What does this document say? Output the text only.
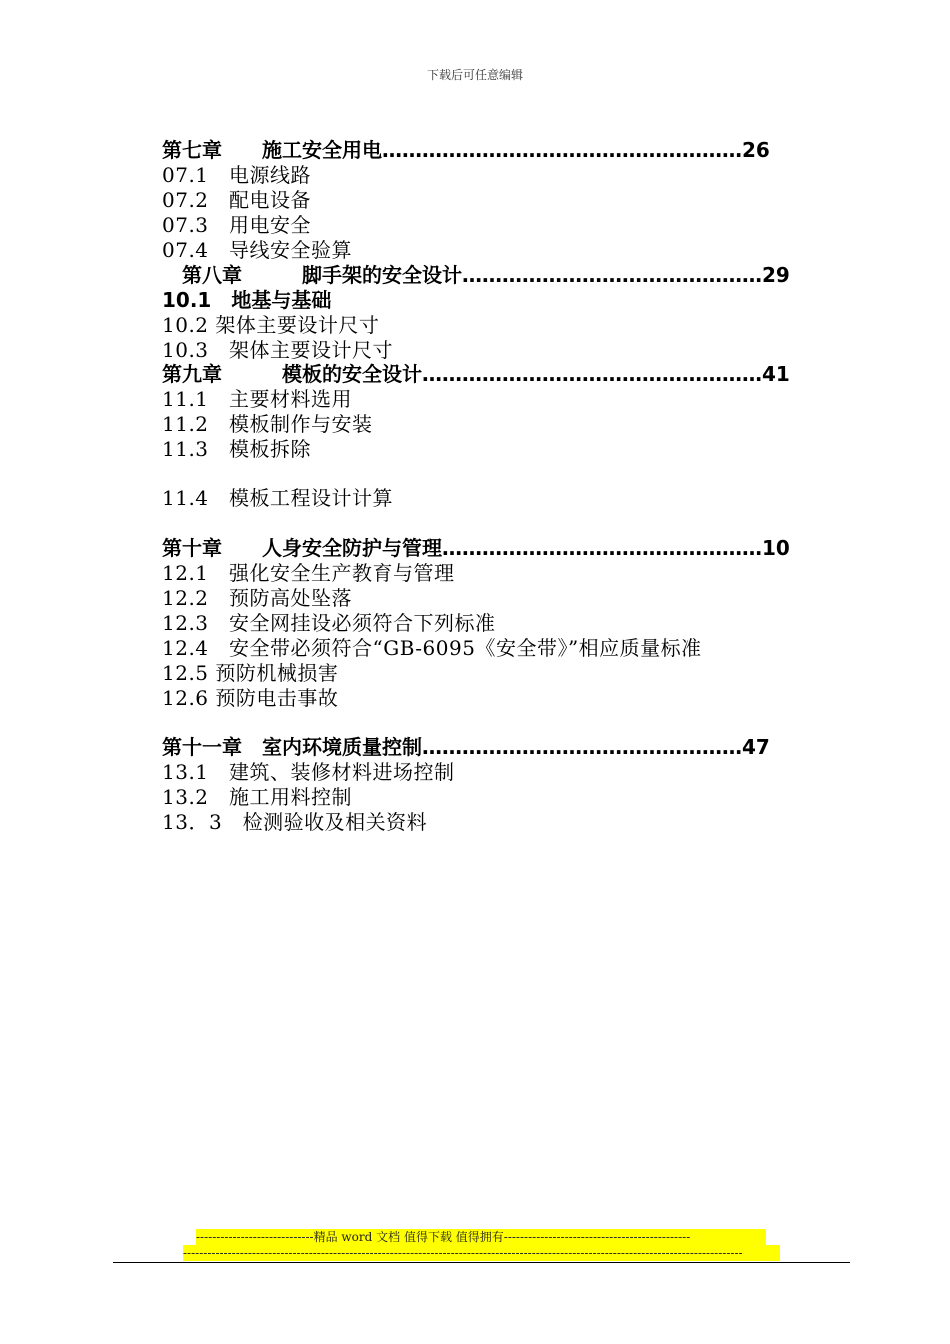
下载后可任意编辑
第七章　　施工安全用电………………………………………………26
07.1　电源线路
07.2　配电设备
07.3　用电安全
07.4　导线安全验算
　第八章　　　脚手架的安全设计………………………………………29
10.1　地基与基础
10.2 架体主要设计尺寸
10.3　架体主要设计尺寸
第九章　　　模板的安全设计……………………………………………41
11.1　主要材料选用
11.2　模板制作与安装
11.3　模板拆除
11.4　模板工程设计计算
第十章　　人身安全防护与管理…………………………………………10
12.1　强化安全生产教育与管理
12.2　预防高处坠落
12.3　安全网挂设必须符合下列标准
12.4　安全带必须符合“GB-6095《安全带》”相应质量标准
12.5 预防机械损害
12.6 预防电击事故
第十一章　室内环境质量控制…………………………………………47
13.1　建筑、装修材料进场控制
13.2　施工用料控制
13．3　检测验收及相关资料
-----------------------------精品 word 文档 值得下载 值得拥有----------------------------------------------
------------------------------------------------------------------------------------------------------------------------------------------
